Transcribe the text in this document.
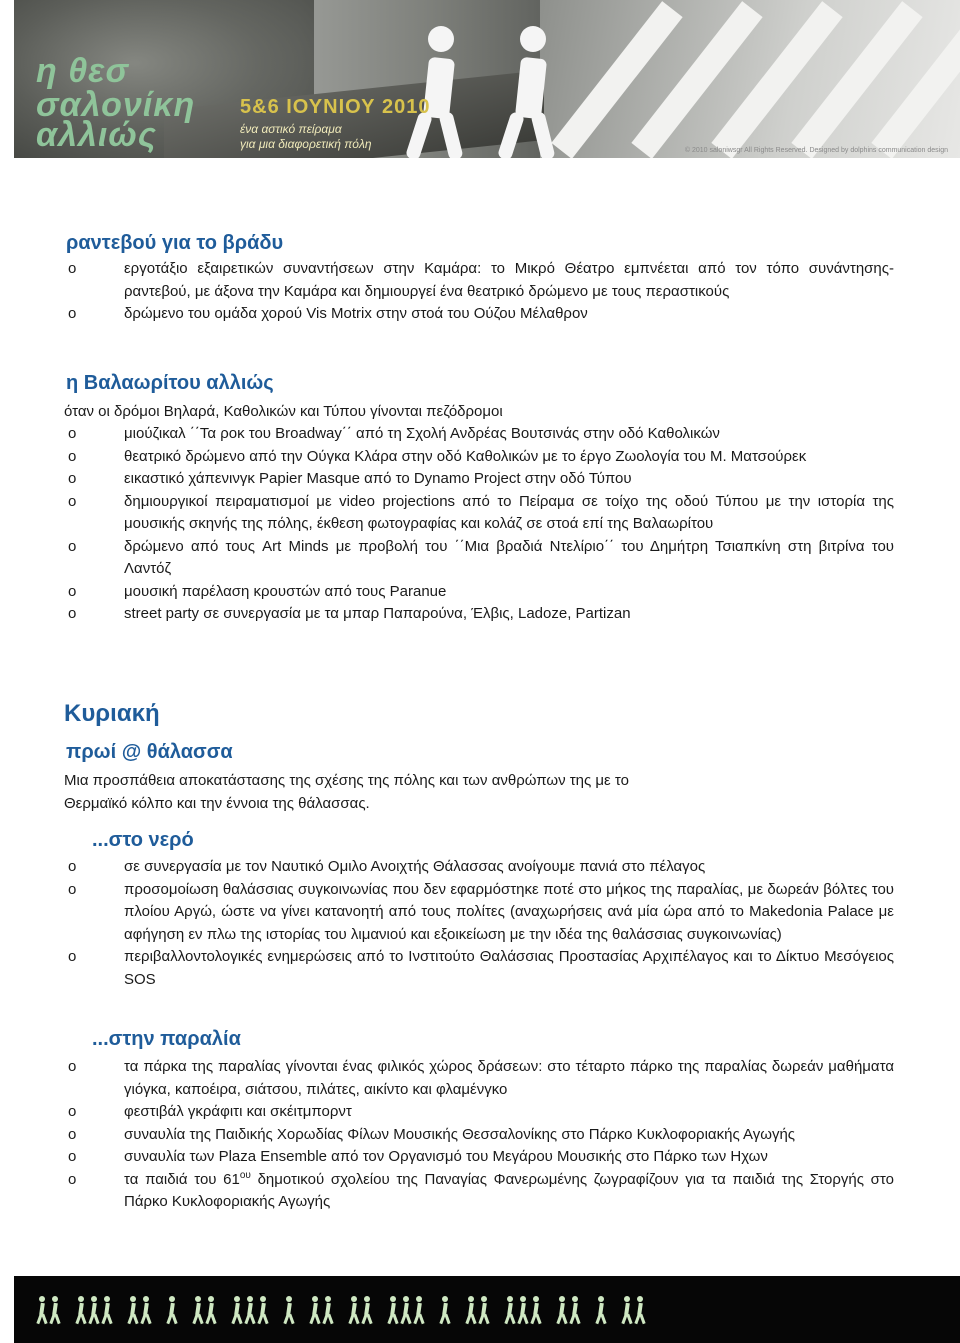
η θεσ
σαλονίκη
αλλιώς
5&6 ΙΟΥΝΙΟΥ 2010
ένα αστικό πείραμα
για μια διαφορετική πόλη	© 2010 saloniwsgr All Rights Reserved. Designed by dolphins communication design
ραντεβού για το βράδυ
o	εργοτάξιο εξαιρετικών συναντήσεων στην Καμάρα: το Μικρό Θέατρο εμπνέεται από τον τόπο συνάντησης-ραντεβού, με άξονα την Καμάρα και δημιουργεί ένα θεατρικό δρώμενο με τους περαστικούς
o	δρώμενο του ομάδα χορού Vis Motrix στην στοά του Ούζου Μέλαθρον
η Βαλαωρίτου αλλιώς

όταν οι δρόμοι Βηλαρά, Καθολικών και Τύπου γίνονται πεζόδρομοι

o	μιούζικαλ ΄΄Τα ροκ του Broadway΄΄ από τη Σχολή Ανδρέας Βουτσινάς στην οδό Καθολικών
o	θεατρικό δρώμενο από την Ούγκα Κλάρα στην οδό Καθολικών με το έργο Ζωολογία του Μ. Ματσούρεκ
o	εικαστικό χάπενινγκ Papier Masque από το Dynamo Project στην οδό Τύπου
o	δημιουργικοί πειραματισμοί με video projections από το Πείραμα σε τοίχο της οδού Τύπου με την ιστορία της μουσικής σκηνής της πόλης, έκθεση φωτογραφίας και κολάζ σε στοά επί της Βαλαωρίτου
o	δρώμενο από τους Art Minds με προβολή του ΄΄Μια βραδιά Ντελίριο΄΄ του Δημήτρη Τσιαπκίνη στη βιτρίνα του Λαντόζ
o	μουσική παρέλαση κρουστών από τους Paranue
o	street party σε συνεργασία με τα μπαρ Παπαρούνα, Έλβις, Ladoze, Partizan
Κυριακή
πρωί @ θάλασσα

Μια προσπάθεια αποκατάστασης της σχέσης της πόλης και των ανθρώπων της με το
Θερμαϊκό κόλπο και την έννοια της θάλασσας.

...στο νερό
o	σε συνεργασία με τον Ναυτικό Ομιλο Ανοιχτής Θάλασσας ανοίγουμε πανιά στο πέλαγος
o	προσομοίωση θαλάσσιας συγκοινωνίας που δεν εφαρμόστηκε ποτέ στο μήκος της παραλίας, με δωρεάν βόλτες του πλοίου Αργώ, ώστε να γίνει κατανοητή από τους πολίτες (αναχωρήσεις ανά μία ώρα από το Makedonia Palace με αφήγηση εν πλω της ιστορίας του λιμανιού και εξοικείωση με την ιδέα της θαλάσσιας συγκοινωνίας)
o	περιβαλλοντολογικές ενημερώσεις από το Ινστιτούτο Θαλάσσιας Προστασίας Αρχιπέλαγος και το Δίκτυο Μεσόγειος SOS
...στην παραλία
o	τα πάρκα της παραλίας γίνονται ένας φιλικός χώρος δράσεων: στο τέταρτο πάρκο της παραλίας δωρεάν μαθήματα γιόγκα, καποέιρα, σιάτσου, πιλάτες, αικίντο και φλαμένγκο
o	φεστιβάλ γκράφιτι και σκέιτμπορντ
o	συναυλία της Παιδικής Χορωδίας Φίλων Μουσικής Θεσσαλονίκης στο Πάρκο Κυκλοφοριακής Αγωγής
o	συναυλία των Plaza Ensemble από τον Οργανισμό του Μεγάρου Μουσικής στο Πάρκο των Ηχων
o	τα παιδιά του $61^{o\upsilon}$ δημοτικού σχολείου της Παναγίας Φανερωμένης ζωγραφίζουν για τα παιδιά της Στοργής στο Πάρκο Κυκλοφοριακής Αγωγής
